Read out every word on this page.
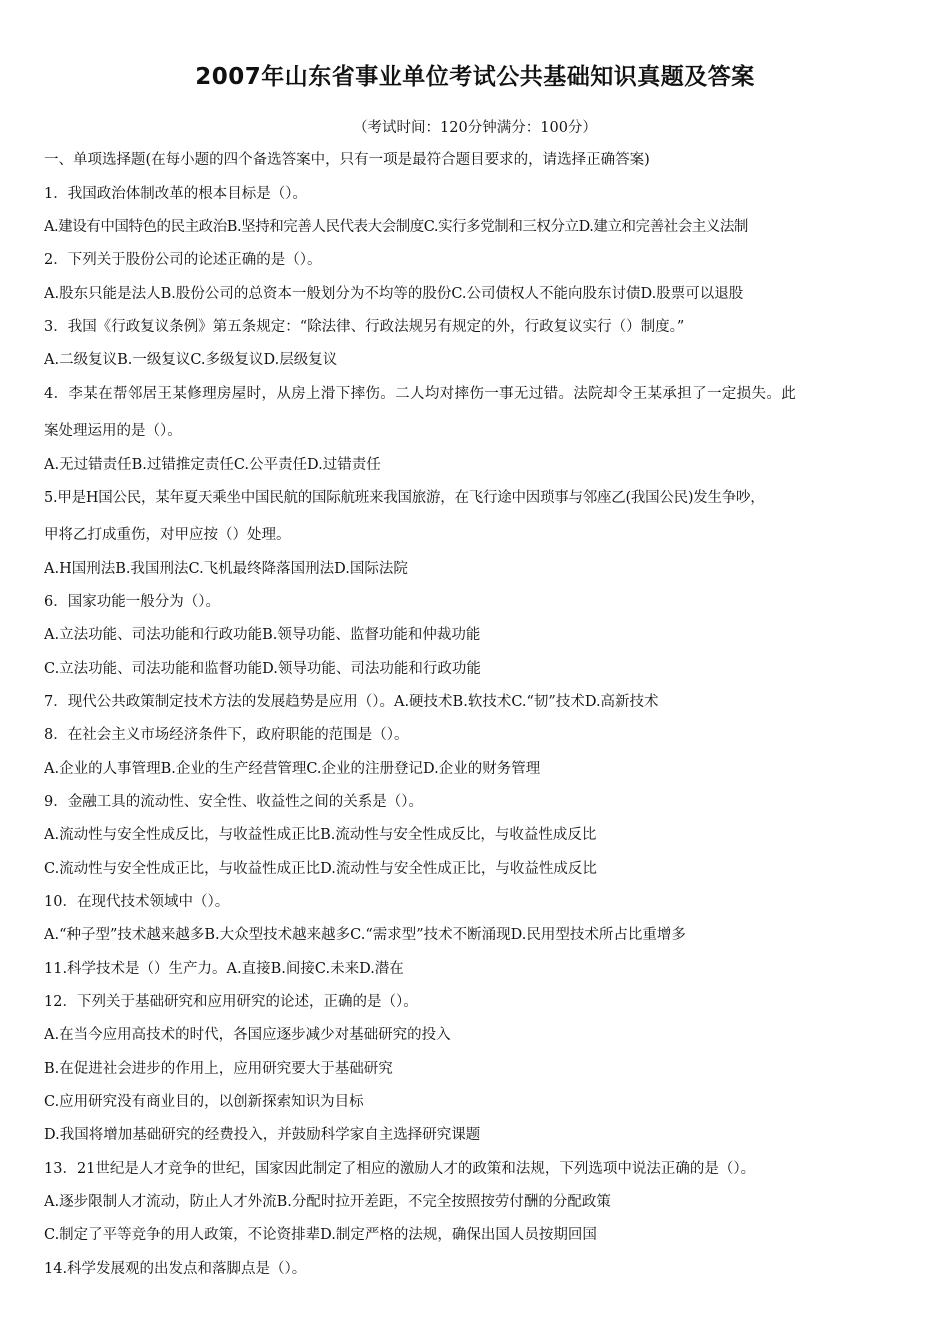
2007年山东省事业单位考试公共基础知识真题及答案
（考试时间：120分钟满分：100分）
一、单项选择题(在每小题的四个备选答案中，只有一项是最符合题目要求的，请选择正确答案)
1．我国政治体制改革的根本目标是（）。
A.建设有中国特色的民主政治B.坚持和完善人民代表大会制度C.实行多党制和三权分立D.建立和完善社会主义法制
2．下列关于股份公司的论述正确的是（）。
A.股东只能是法人B.股份公司的总资本一般划分为不均等的股份C.公司债权人不能向股东讨债D.股票可以退股
3．我国《行政复议条例》第五条规定：“除法律、行政法规另有规定的外，行政复议实行（）制度。”
A.二级复议B.一级复议C.多级复议D.层级复议
4．李某在帮邻居王某修理房屋时，从房上滑下摔伤。二人均对摔伤一事无过错。法院却令王某承担了一定损失。此
案处理运用的是（）。
A.无过错责任B.过错推定责任C.公平责任D.过错责任
5.甲是H国公民，某年夏天乘坐中国民航的国际航班来我国旅游，在飞行途中因琐事与邻座乙(我国公民)发生争吵，
甲将乙打成重伤，对甲应按（）处理。
A.H国刑法B.我国刑法C.飞机最终降落国刑法D.国际法院
6．国家功能一般分为（）。
A.立法功能、司法功能和行政功能B.领导功能、监督功能和仲裁功能
C.立法功能、司法功能和监督功能D.领导功能、司法功能和行政功能
7．现代公共政策制定技术方法的发展趋势是应用（）。A.硬技术B.软技术C.“韧”技术D.高新技术
8．在社会主义市场经济条件下，政府职能的范围是（）。
A.企业的人事管理B.企业的生产经营管理C.企业的注册登记D.企业的财务管理
9．金融工具的流动性、安全性、收益性之间的关系是（）。
A.流动性与安全性成反比，与收益性成正比B.流动性与安全性成反比，与收益性成反比
C.流动性与安全性成正比，与收益性成正比D.流动性与安全性成正比，与收益性成反比
10．在现代技术领域中（）。
A.“种子型”技术越来越多B.大众型技术越来越多C.“需求型”技术不断涌现D.民用型技术所占比重增多
11.科学技术是（）生产力。A.直接B.间接C.未来D.潜在
12．下列关于基础研究和应用研究的论述，正确的是（）。
A.在当今应用高技术的时代，各国应逐步减少对基础研究的投入
B.在促进社会进步的作用上，应用研究要大于基础研究
C.应用研究没有商业目的，以创新探索知识为目标
D.我国将增加基础研究的经费投入，并鼓励科学家自主选择研究课题
13．21世纪是人才竞争的世纪，国家因此制定了相应的激励人才的政策和法规，下列选项中说法正确的是（）。
A.逐步限制人才流动，防止人才外流B.分配时拉开差距，不完全按照按劳付酬的分配政策
C.制定了平等竞争的用人政策，不论资排辈D.制定严格的法规，确保出国人员按期回国
14.科学发展观的出发点和落脚点是（）。
